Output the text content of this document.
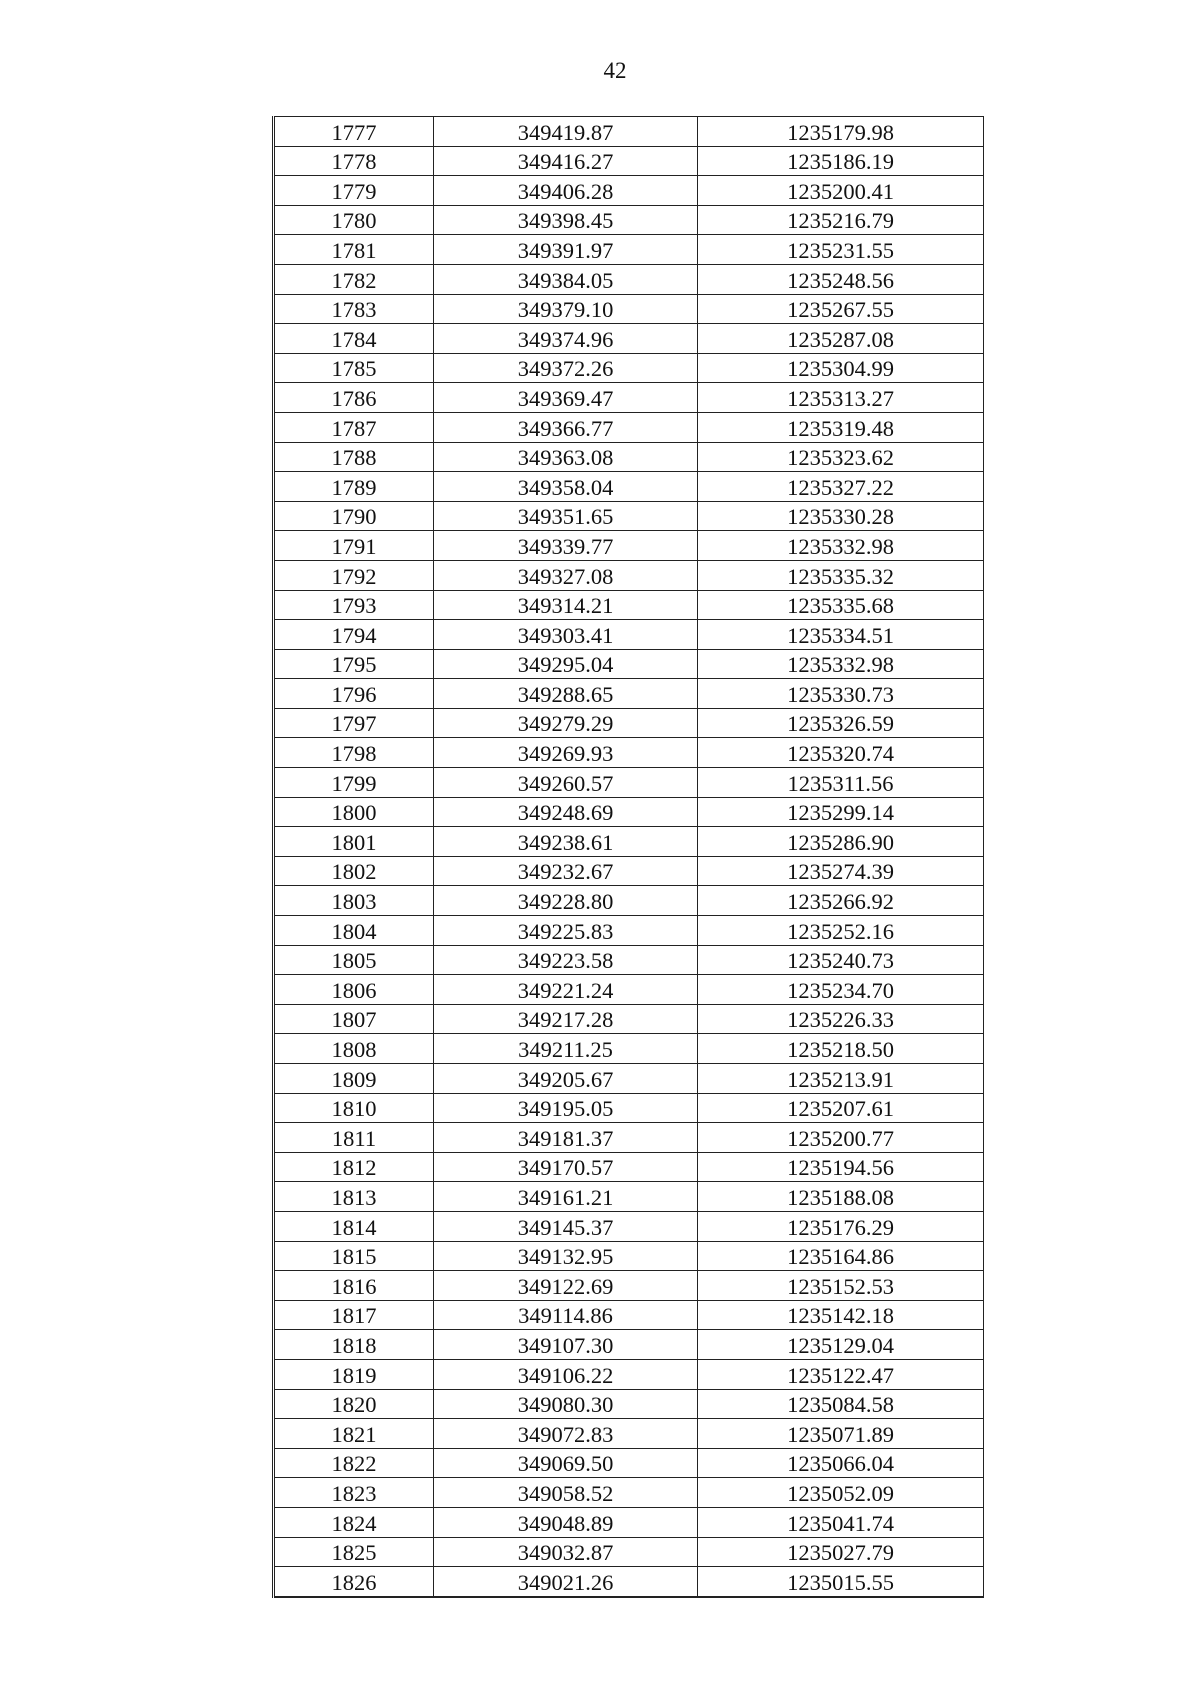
42
1777	349419.87	1235179.98
1778	349416.27	1235186.19
1779	349406.28	1235200.41
1780	349398.45	1235216.79
1781	349391.97	1235231.55
1782	349384.05	1235248.56
1783	349379.10	1235267.55
1784	349374.96	1235287.08
1785	349372.26	1235304.99
1786	349369.47	1235313.27
1787	349366.77	1235319.48
1788	349363.08	1235323.62
1789	349358.04	1235327.22
1790	349351.65	1235330.28
1791	349339.77	1235332.98
1792	349327.08	1235335.32
1793	349314.21	1235335.68
1794	349303.41	1235334.51
1795	349295.04	1235332.98
1796	349288.65	1235330.73
1797	349279.29	1235326.59
1798	349269.93	1235320.74
1799	349260.57	1235311.56
1800	349248.69	1235299.14
1801	349238.61	1235286.90
1802	349232.67	1235274.39
1803	349228.80	1235266.92
1804	349225.83	1235252.16
1805	349223.58	1235240.73
1806	349221.24	1235234.70
1807	349217.28	1235226.33
1808	349211.25	1235218.50
1809	349205.67	1235213.91
1810	349195.05	1235207.61
1811	349181.37	1235200.77
1812	349170.57	1235194.56
1813	349161.21	1235188.08
1814	349145.37	1235176.29
1815	349132.95	1235164.86
1816	349122.69	1235152.53
1817	349114.86	1235142.18
1818	349107.30	1235129.04
1819	349106.22	1235122.47
1820	349080.30	1235084.58
1821	349072.83	1235071.89
1822	349069.50	1235066.04
1823	349058.52	1235052.09
1824	349048.89	1235041.74
1825	349032.87	1235027.79
1826	349021.26	1235015.55
